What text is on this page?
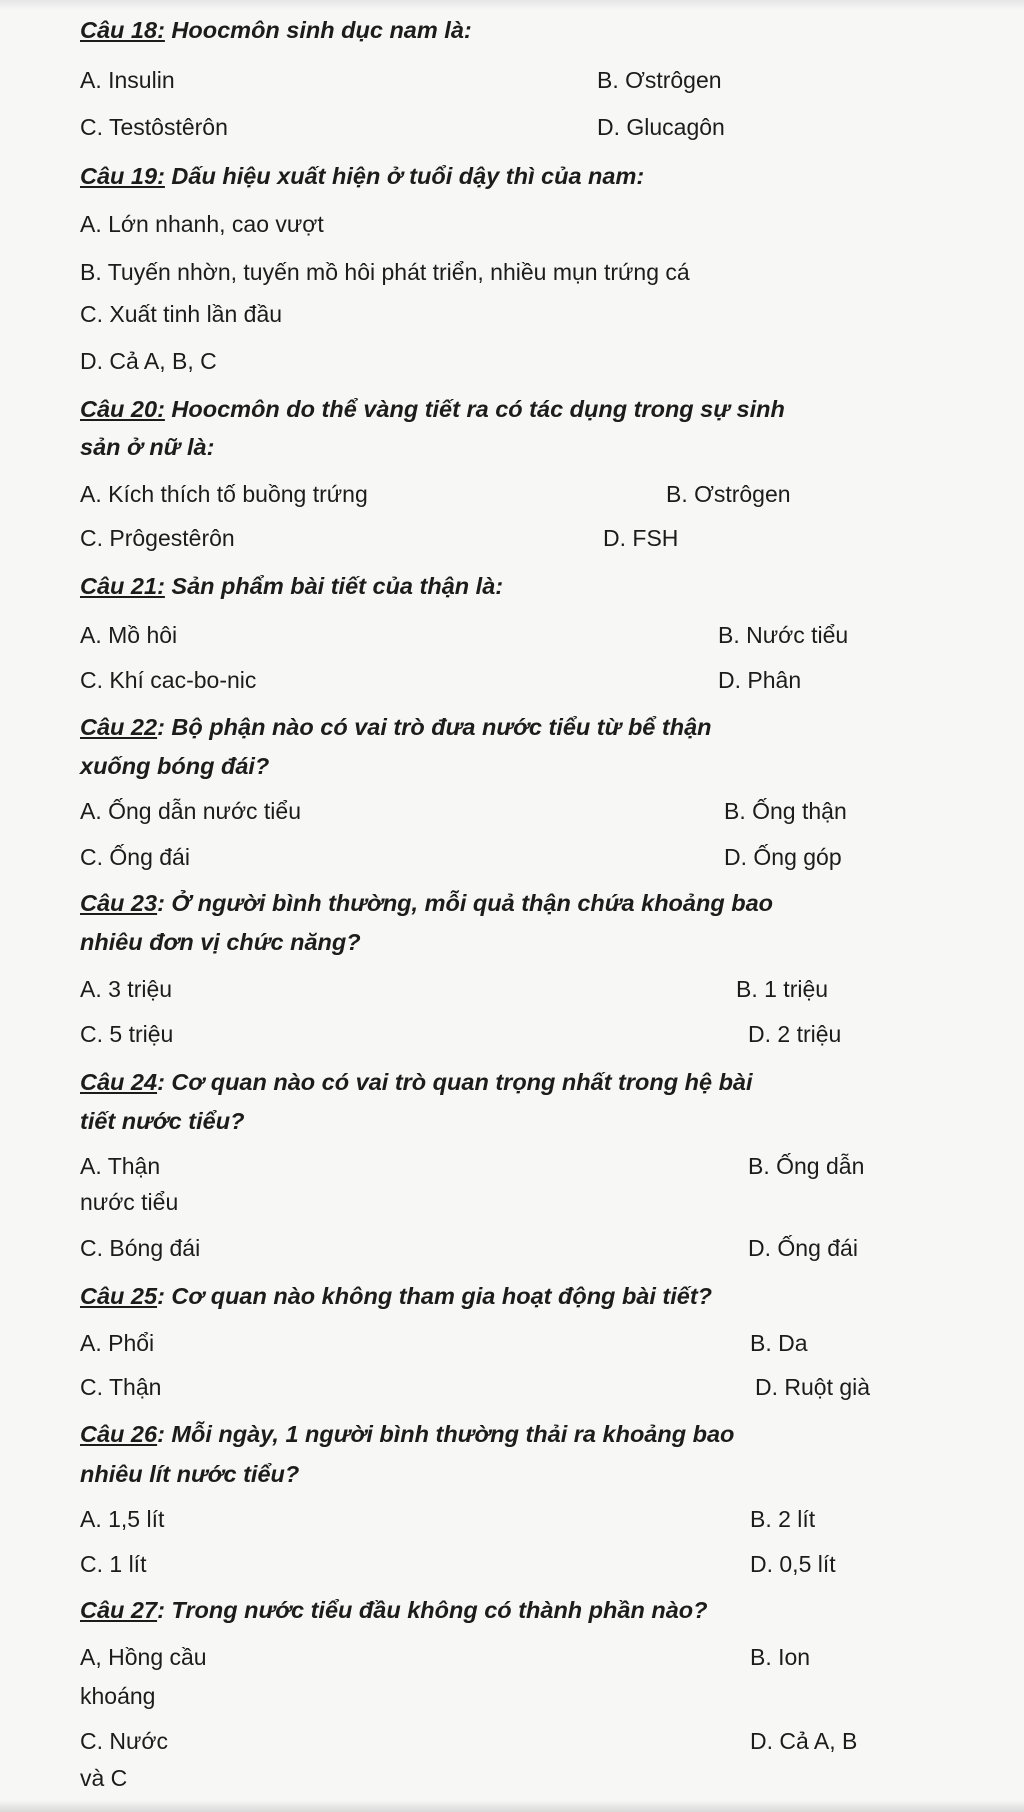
Câu 18: Hoocmôn sinh dục nam là:
A. Insulin	B. Ơstrôgen
C. Testôstêrôn	D. Glucagôn
Câu 19: Dấu hiệu xuất hiện ở tuổi dậy thì của nam:
A. Lớn nhanh, cao vượt
B. Tuyến nhờn, tuyến mồ hôi phát triển, nhiều mụn trứng cá
C. Xuất tinh lần đầu
D. Cả A, B, C
Câu 20: Hoocmôn do thể vàng tiết ra có tác dụng trong sự sinh
sản ở nữ là:
A. Kích thích tố buồng trứng	B. Ơstrôgen
C. Prôgestêrôn	D. FSH
Câu 21: Sản phẩm bài tiết của thận là:
A. Mồ hôi	B. Nước tiểu
C. Khí cac-bo-nic	D. Phân
Câu 22: Bộ phận nào có vai trò đưa nước tiểu từ bể thận
xuống bóng đái?
A. Ống dẫn nước tiểu	B. Ống thận
C. Ống đái	D. Ống góp
Câu 23: Ở người bình thường, mỗi quả thận chứa khoảng bao
nhiêu đơn vị chức năng?
A. 3 triệu	B. 1 triệu
C. 5 triệu	D. 2 triệu
Câu 24: Cơ quan nào có vai trò quan trọng nhất trong hệ bài
tiết nước tiểu?
A. Thận	B. Ống dẫn
nước tiểu
C. Bóng đái	D. Ống đái
Câu 25: Cơ quan nào không tham gia hoạt động bài tiết?
A. Phổi	B. Da
C. Thận	D. Ruột già
Câu 26: Mỗi ngày, 1 người bình thường thải ra khoảng bao
nhiêu lít nước tiểu?
A. 1,5 lít	B. 2 lít
C. 1 lít	D. 0,5 lít
Câu 27: Trong nước tiểu đầu không có thành phần nào?
A, Hồng cầu	B. Ion
khoáng
C. Nước	D. Cả A, B
và C
